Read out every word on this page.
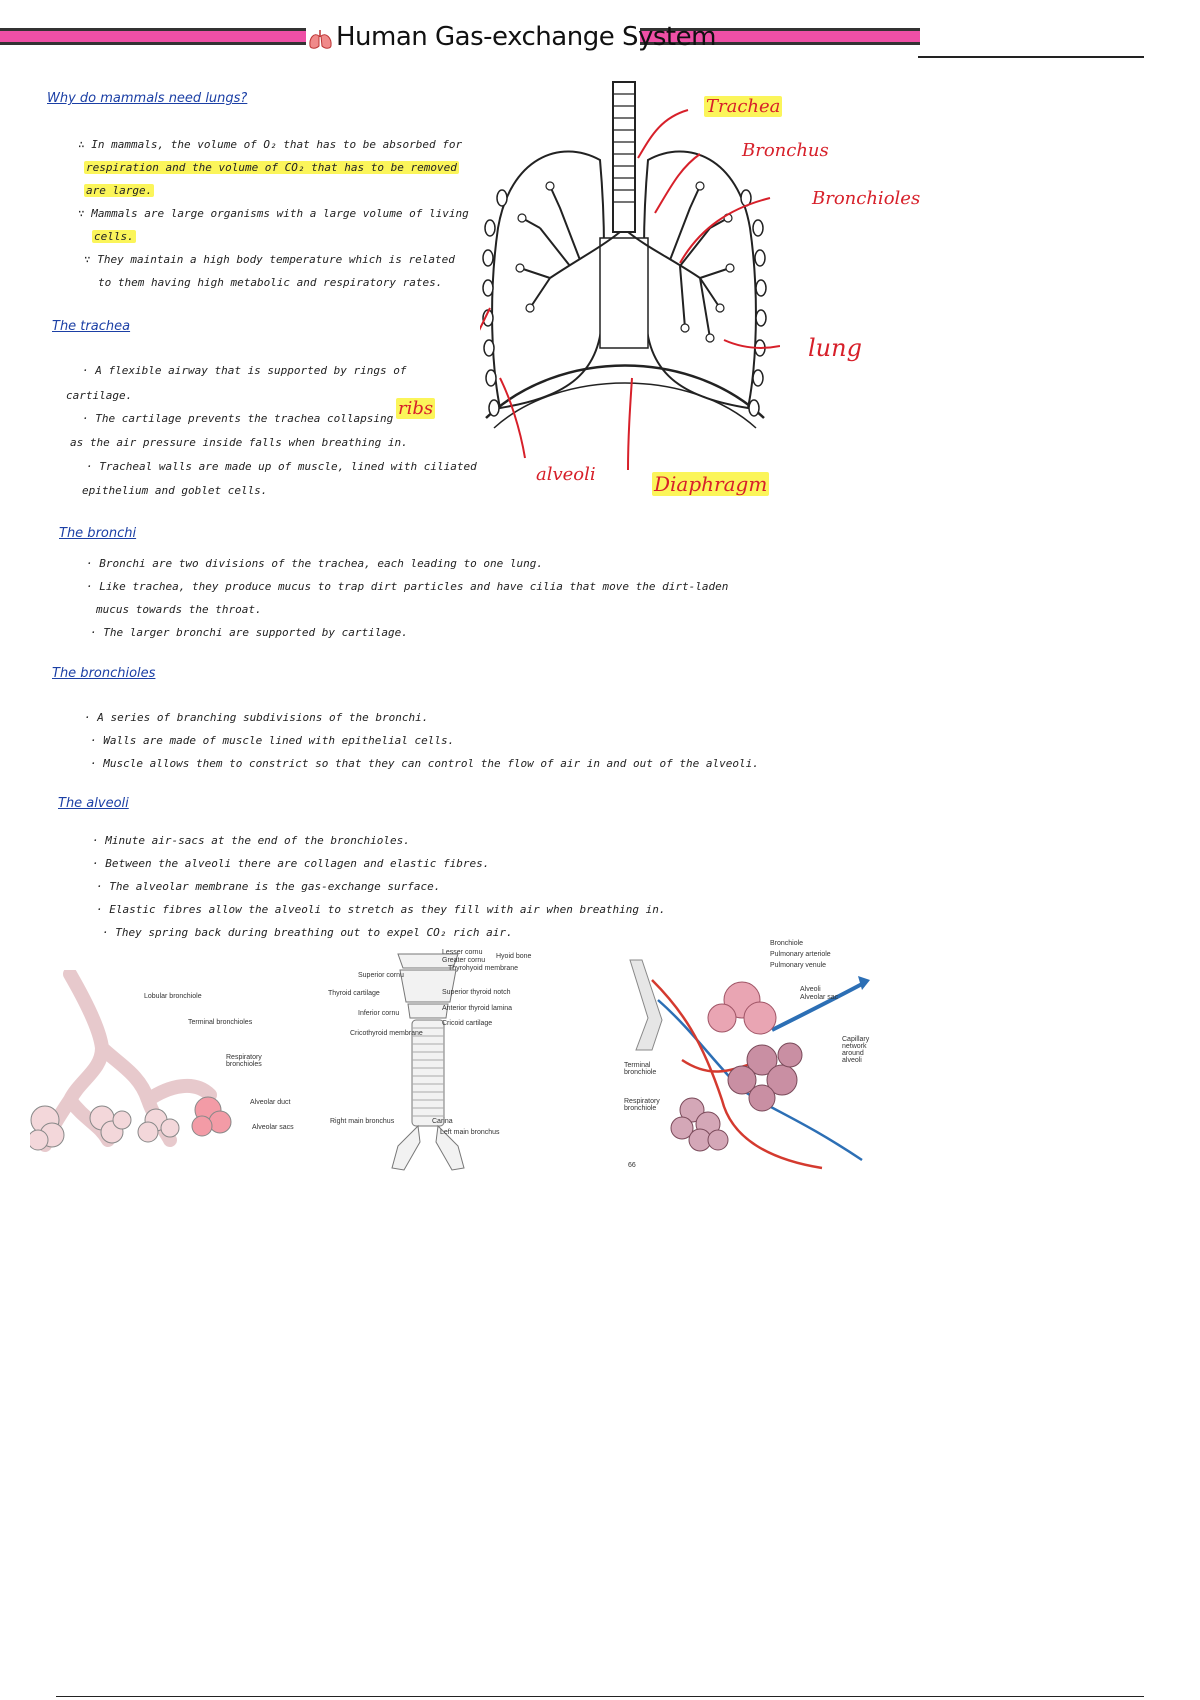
Human Gas-exchange System
Why do mammals need lungs?
∴ In mammals, the volume of O₂ that has to be absorbed for
respiration and the volume of CO₂ that has to be removed
are large.
∵ Mammals are large organisms with a large volume of living
cells.
∵ They maintain a high body temperature which is related
to them having high metabolic and respiratory rates.
The trachea
· A flexible airway that is supported by rings of
cartilage.
· The cartilage prevents the trachea collapsing
as the air pressure inside falls when breathing in.
· Tracheal walls are made up of muscle, lined with ciliated
epithelium and goblet cells.
The bronchi
· Bronchi are two divisions of the trachea, each leading to one lung.
· Like trachea, they produce mucus to trap dirt particles and have cilia that move the dirt-laden
mucus towards the throat.
· The larger bronchi are supported by cartilage.
The bronchioles
· A series of branching subdivisions of the bronchi.
· Walls are made of muscle lined with epithelial cells.
· Muscle allows them to constrict so that they can control the flow of air in and out of the alveoli.
The alveoli
· Minute air-sacs at the end of the bronchioles.
· Between the alveoli there are collagen and elastic fibres.
· The alveolar membrane is the gas-exchange surface.
· Elastic fibres allow the alveoli to stretch as they fill with air when breathing in.
· They spring back during breathing out to expel CO₂ rich air.
Trachea
Bronchus
Bronchioles
lung
ribs
alveoli	Diaphragm
Lobular bronchiole
Terminal bronchioles
Respiratory bronchioles
Alveolar duct
Alveolar sacs
Lesser cornu
Greater cornu
Hyoid bone
Thyrohyoid membrane
Superior cornu
Thyroid cartilage	Superior thyroid notch
Anterior thyroid lamina
Inferior cornu
Cricoid cartilage
Cricothyroid membrane
Right main bronchus	Carina
Left main bronchus
Bronchiole
Pulmonary arteriole
Pulmonary venule
Alveoli
Alveolar sac
Capillary network around alveoli
Terminal bronchiole
Respiratory bronchiole
66
